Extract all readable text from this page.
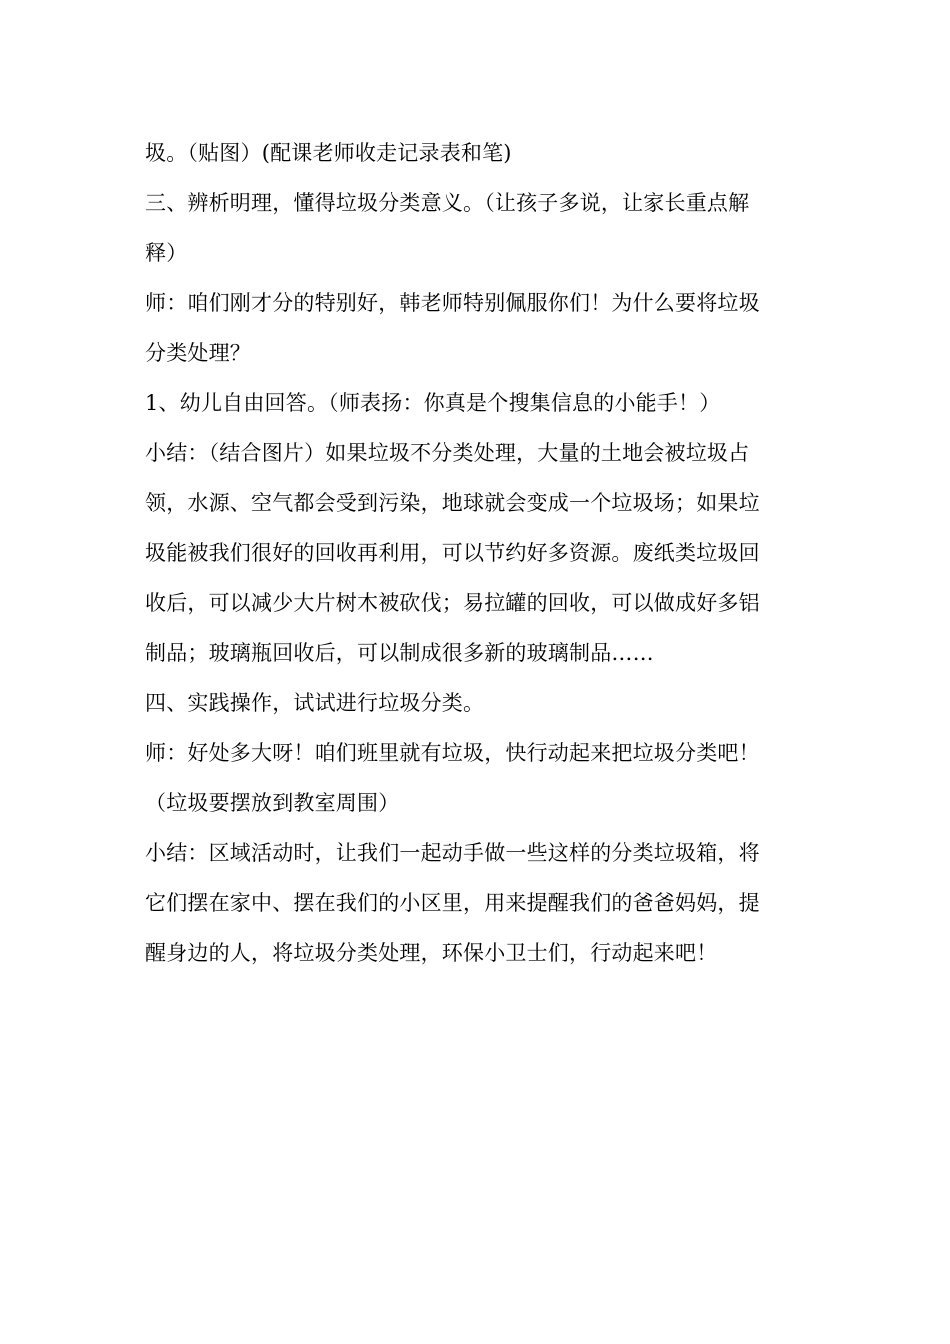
圾。（贴图）(配课老师收走记录表和笔)
三、辨析明理，懂得垃圾分类意义。（让孩子多说，让家长重点解
释）
师：咱们刚才分的特别好，韩老师特别佩服你们！为什么要将垃圾
分类处理？
1、幼儿自由回答。（师表扬：你真是个搜集信息的小能手！）
小结：（结合图片）如果垃圾不分类处理，大量的土地会被垃圾占
领，水源、空气都会受到污染，地球就会变成一个垃圾场；如果垃
圾能被我们很好的回收再利用，可以节约好多资源。废纸类垃圾回
收后，可以减少大片树木被砍伐；易拉罐的回收，可以做成好多铝
制品；玻璃瓶回收后，可以制成很多新的玻璃制品……
四、实践操作，试试进行垃圾分类。
师：好处多大呀！咱们班里就有垃圾，快行动起来把垃圾分类吧！
（垃圾要摆放到教室周围）
小结：区域活动时，让我们一起动手做一些这样的分类垃圾箱，将
它们摆在家中、摆在我们的小区里，用来提醒我们的爸爸妈妈，提
醒身边的人，将垃圾分类处理，环保小卫士们，行动起来吧！
